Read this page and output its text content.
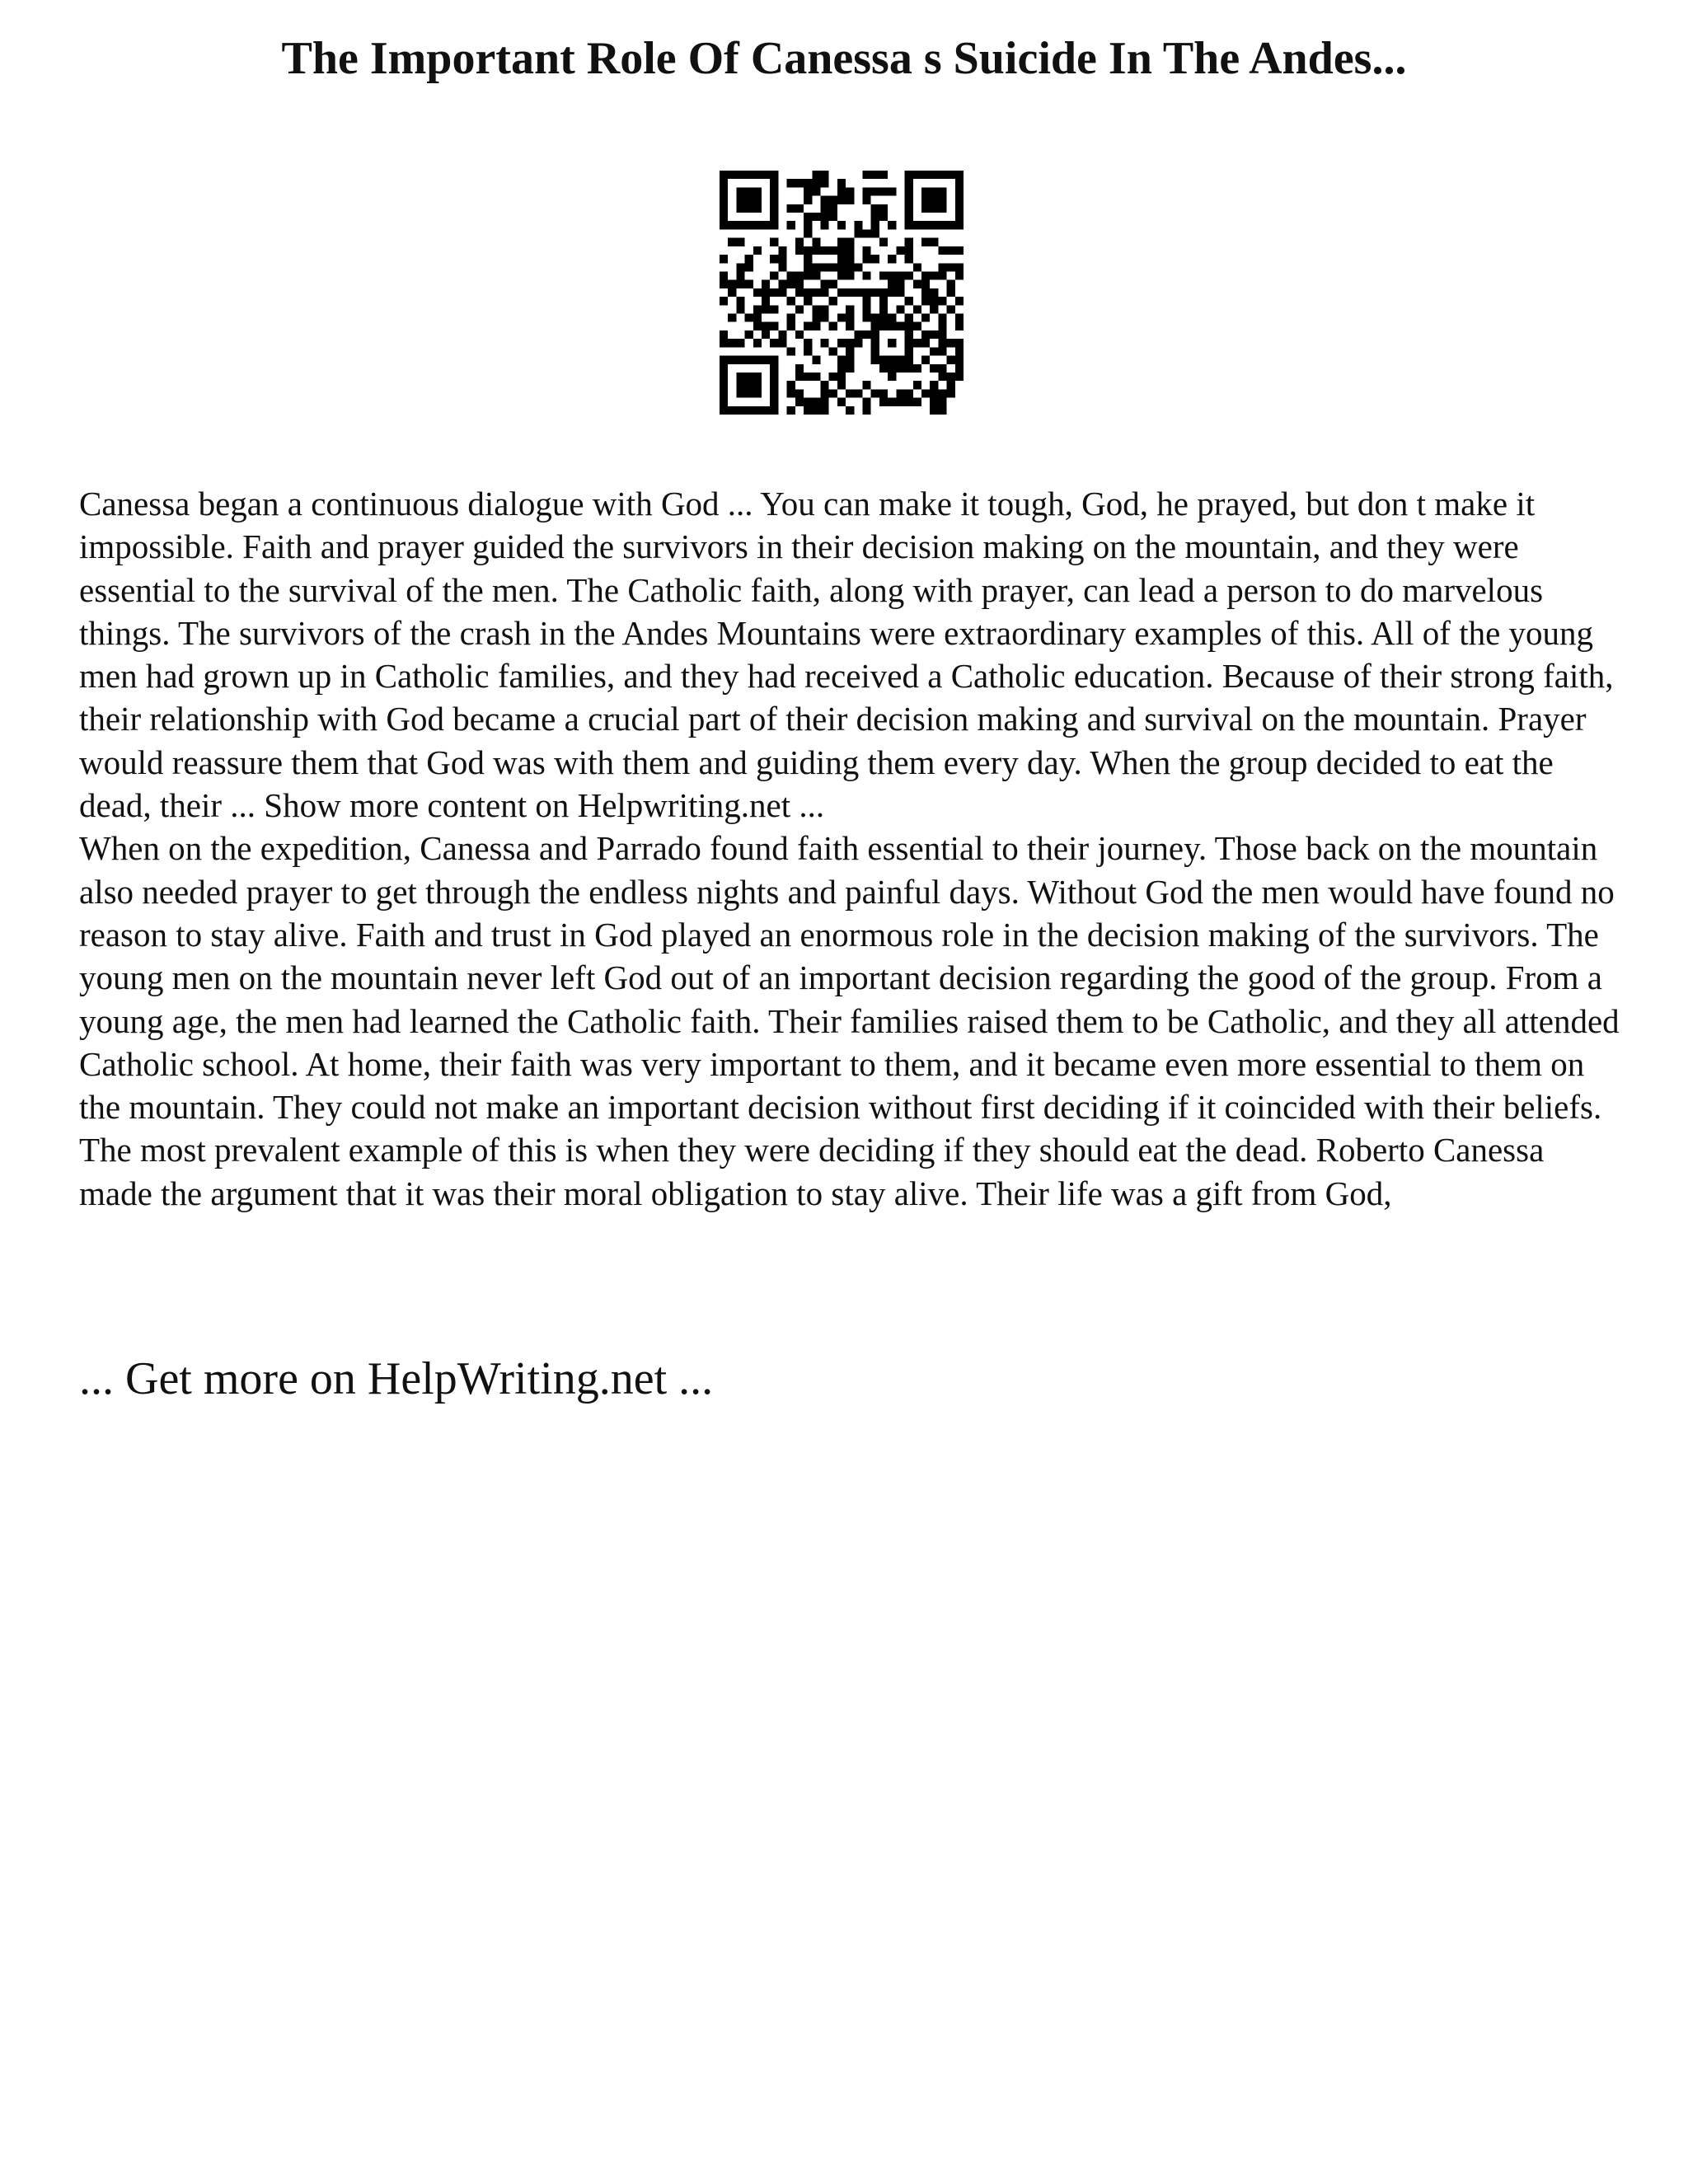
The Important Role Of Canessa s Suicide In The Andes...

Canessa began a continuous dialogue with God ... You can make it tough, God, he prayed, but don t make it impossible. Faith and prayer guided the survivors in their decision making on the mountain, and they were essential to the survival of the men. The Catholic faith, along with prayer, can lead a person to do marvelous things. The survivors of the crash in the Andes Mountains were extraordinary examples of this. All of the young men had grown up in Catholic families, and they had received a Catholic education. Because of their strong faith, their relationship with God became a crucial part of their decision making and survival on the mountain. Prayer would reassure them that God was with them and guiding them every day. When the group decided to eat the dead, their ... Show more content on Helpwriting.net ...

When on the expedition, Canessa and Parrado found faith essential to their journey. Those back on the mountain also needed prayer to get through the endless nights and painful days. Without God the men would have found no reason to stay alive. Faith and trust in God played an enormous role in the decision making of the survivors. The young men on the mountain never left God out of an important decision regarding the good of the group. From a young age, the men had learned the Catholic faith. Their families raised them to be Catholic, and they all attended Catholic school. At home, their faith was very important to them, and it became even more essential to them on the mountain. They could not make an important decision without first deciding if it coincided with their beliefs. The most prevalent example of this is when they were deciding if they should eat the dead. Roberto Canessa made the argument that it was their moral obligation to stay alive. Their life was a gift from God,

... Get more on HelpWriting.net ...
